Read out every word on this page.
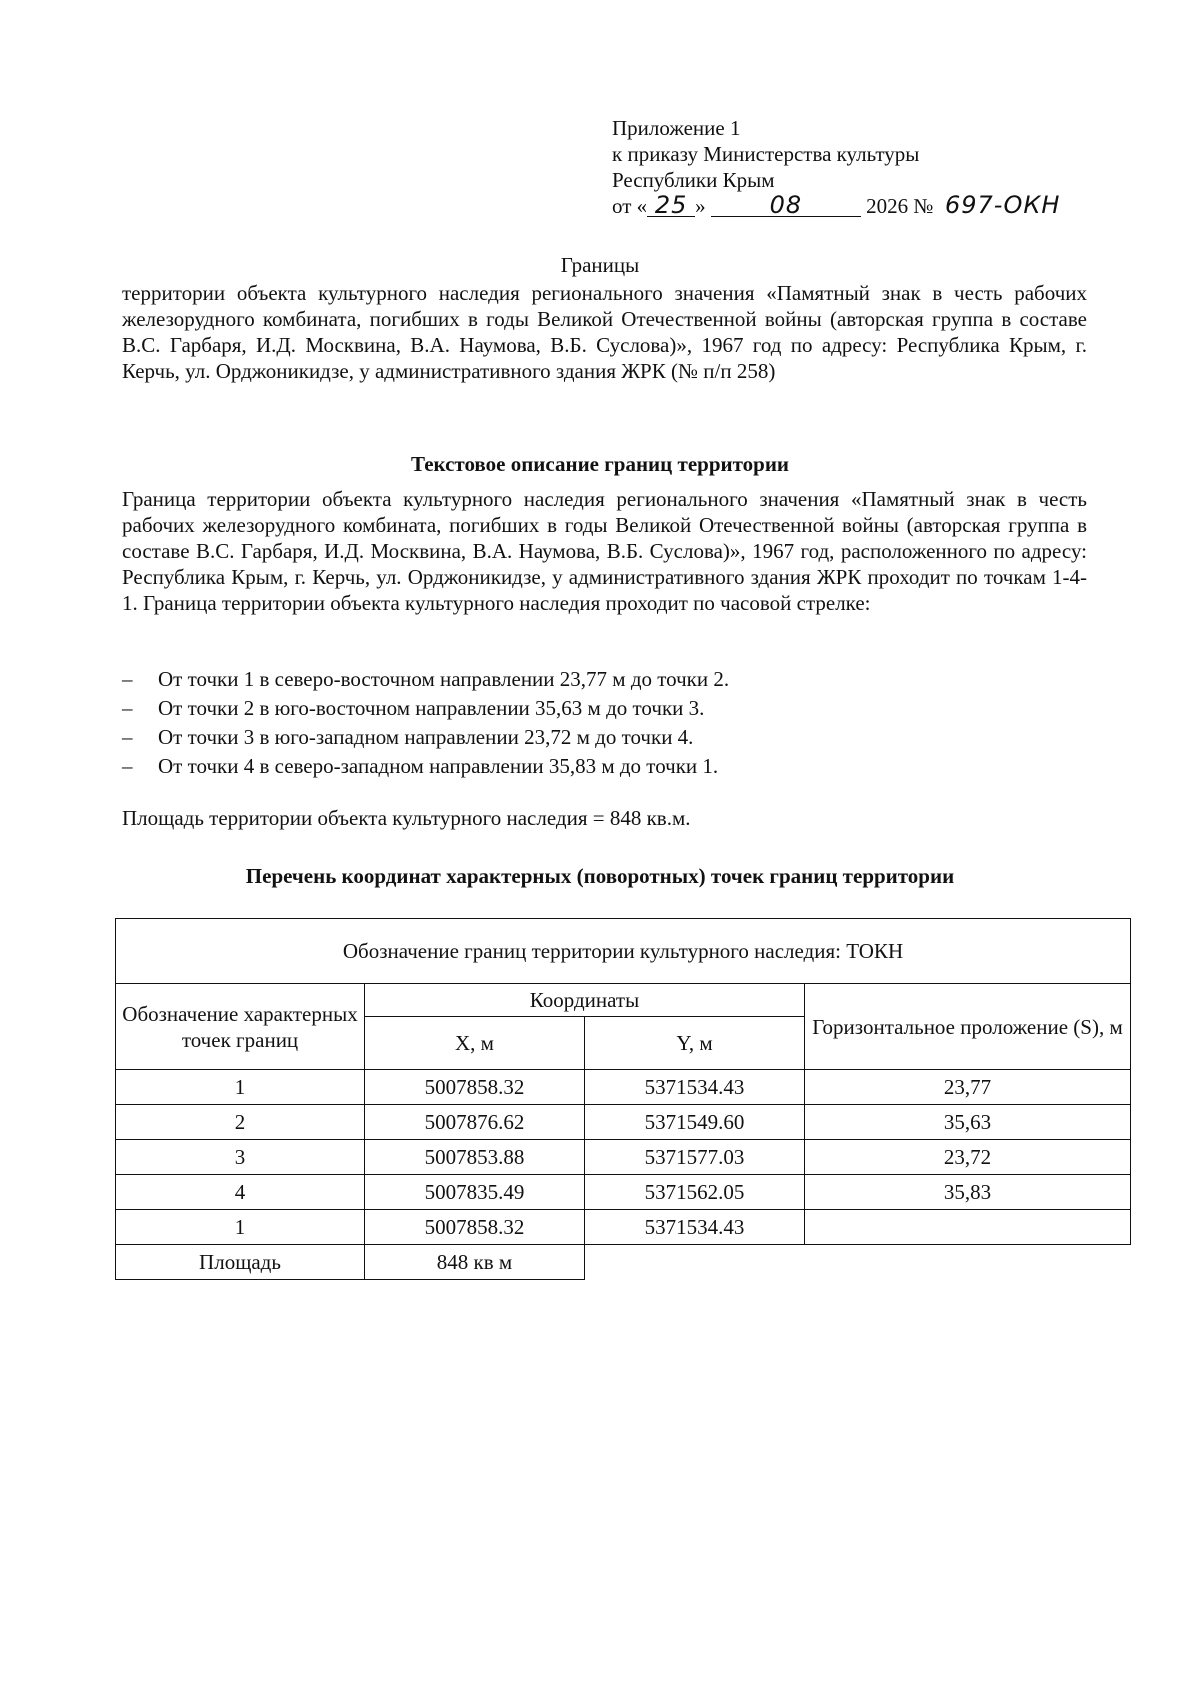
Приложение 1
к приказу Министерства культуры
Республики Крым
от « 25 »	08	2026 № 697-ОКН
Границы
территории объекта культурного наследия регионального значения «Памятный знак в честь рабочих железорудного комбината, погибших в годы Великой Отечественной войны (авторская группа в составе В.С. Гарбаря, И.Д. Москвина, В.А. Наумова, В.Б. Суслова)», 1967 год по адресу: Республика Крым, г. Керчь, ул. Орджоникидзе, у административного здания ЖРК (№ п/п 258)
Текстовое описание границ территории
Граница территории объекта культурного наследия регионального значения «Памятный знак в честь рабочих железорудного комбината, погибших в годы Великой Отечественной войны (авторская группа в составе В.С. Гарбаря, И.Д. Москвина, В.А. Наумова, В.Б. Суслова)», 1967 год, расположенного по адресу: Республика Крым, г. Керчь, ул. Орджоникидзе, у административного здания ЖРК проходит по точкам 1-4-1. Граница территории объекта культурного наследия проходит по часовой стрелке:
– От точки 1 в северо-восточном направлении 23,77 м до точки 2.
– От точки 2 в юго-восточном направлении 35,63 м до точки 3.
– От точки 3 в юго-западном направлении 23,72 м до точки 4.
– От точки 4 в северо-западном направлении 35,83 м до точки 1.
Площадь территории объекта культурного наследия = 848 кв.м.
Перечень координат характерных (поворотных) точек границ территории
Обозначение границ территории культурного наследия: ТОКН			
Обозначение характерных точек границ	Координаты		Горизонтальное проложение (S), м
	X, м	Y, м	
1	5007858.32	5371534.43	23,77
2	5007876.62	5371549.60	35,63
3	5007853.88	5371577.03	23,72
4	5007835.49	5371562.05	35,83
1	5007858.32	5371534.43	
Площадь	848 кв м		
